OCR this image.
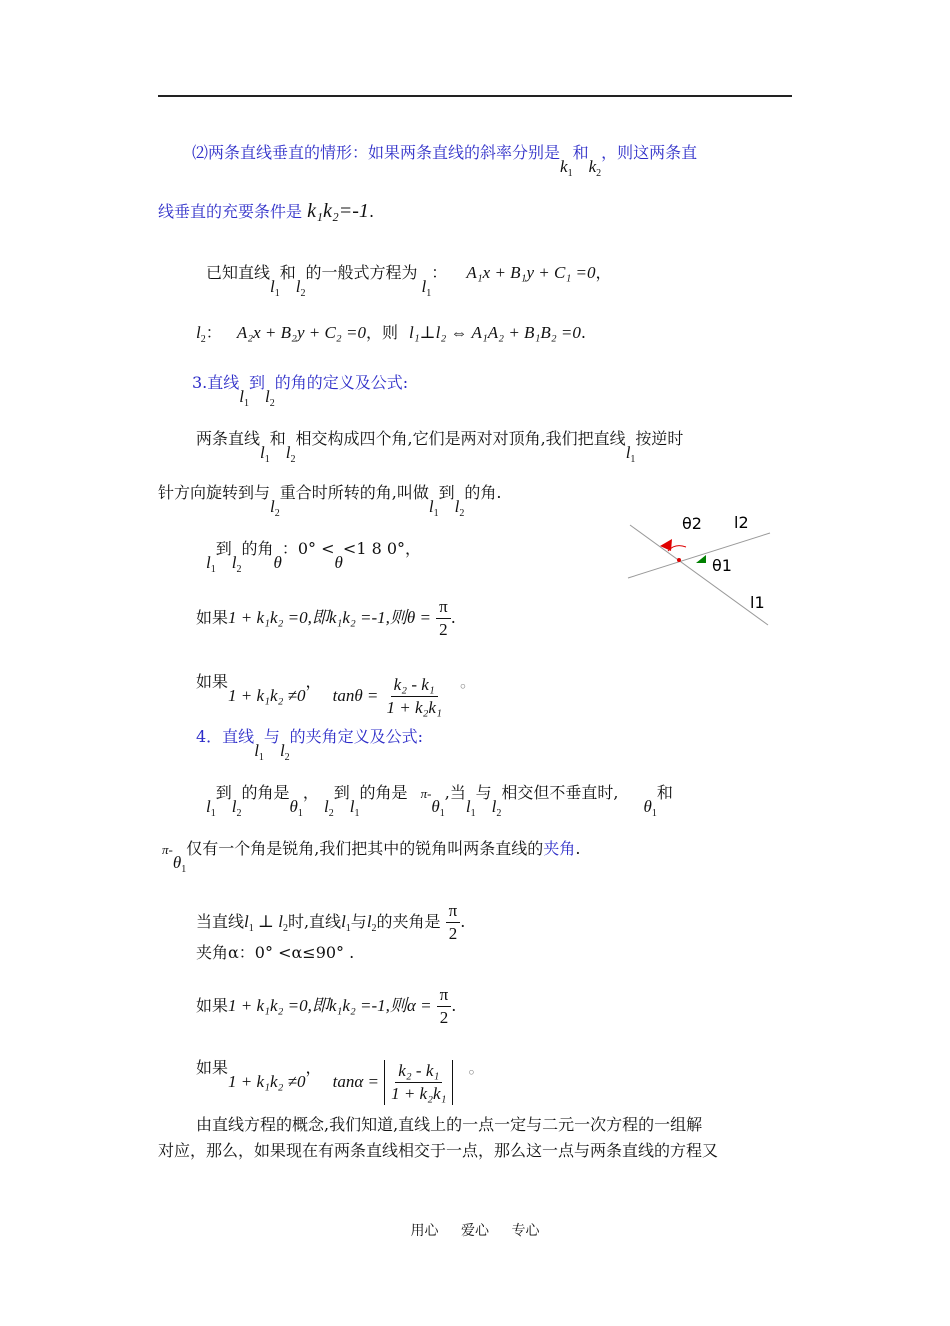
⑵两条直线垂直的情形：如果两条直线的斜率分别是$k_1$和$k_2$，则这两条直
线垂直的充要条件是 k₁k₂=-1.
已知直线$l_1$和$l_2$的一般式方程为$l_1$： A₁x + B₁y + C₁ =0，
$l_2$： A₂x + B₂y + C₂ =0，则 l₁⊥l₂ ⇔ A₁A₂ + B₁B₂ =0.
3.直线$l_1$到$l_2$的角的定义及公式:
两条直线$l_1$和$l_2$相交构成四个角,它们是两对对顶角,我们把直线$l_1$按逆时
针方向旋转到与$l_2$重合时所转的角,叫做$l_1$到$l_2$的角.
$l_1$到$l_2$的角θ：0° <θ<1 8 0°，
如果1 + k₁k₂ =0,即k₁k₂ =-1,则$\theta = \frac{\pi}{2}$ .
如果1 + k₁k₂ ≠0， $\tan\theta = \frac{\text{k₂ - k₁}}{\text{1 + k₂k₁}}$ 。
θ2 l2
θ1
l1
4．直线$l_1$与$l_2$的夹角定义及公式:
$l_1$到$l_2$的角是$\theta_1$， $l_2$到$l_1$的角是 $\pi-\theta_1$,当$l_1$与$l_2$相交但不垂直时, $\theta_1$和
$\pi-\theta_1$仅有一个角是锐角,我们把其中的锐角叫两条直线的夹角.
当直线$l_1$ ⊥ $l_2$时,直线$l_1$与$l_2$的夹角是 $\frac{\pi}{2}$ .
夹角α：0° <α≤90° .
如果1 + k₁k₂ =0,即k₁k₂ =-1,则$\alpha = \frac{\pi}{2}$ .
如果1 + k₁k₂ ≠0， $\tan\alpha = \frac{\text{k₂ - k₁}}{\text{1 + k₂k₁}}$ 。
由直线方程的概念,我们知道,直线上的一点一定与二元一次方程的一组解
对应，那么，如果现在有两条直线相交于一点，那么这一点与两条直线的方程又
用心 爱心 专心
